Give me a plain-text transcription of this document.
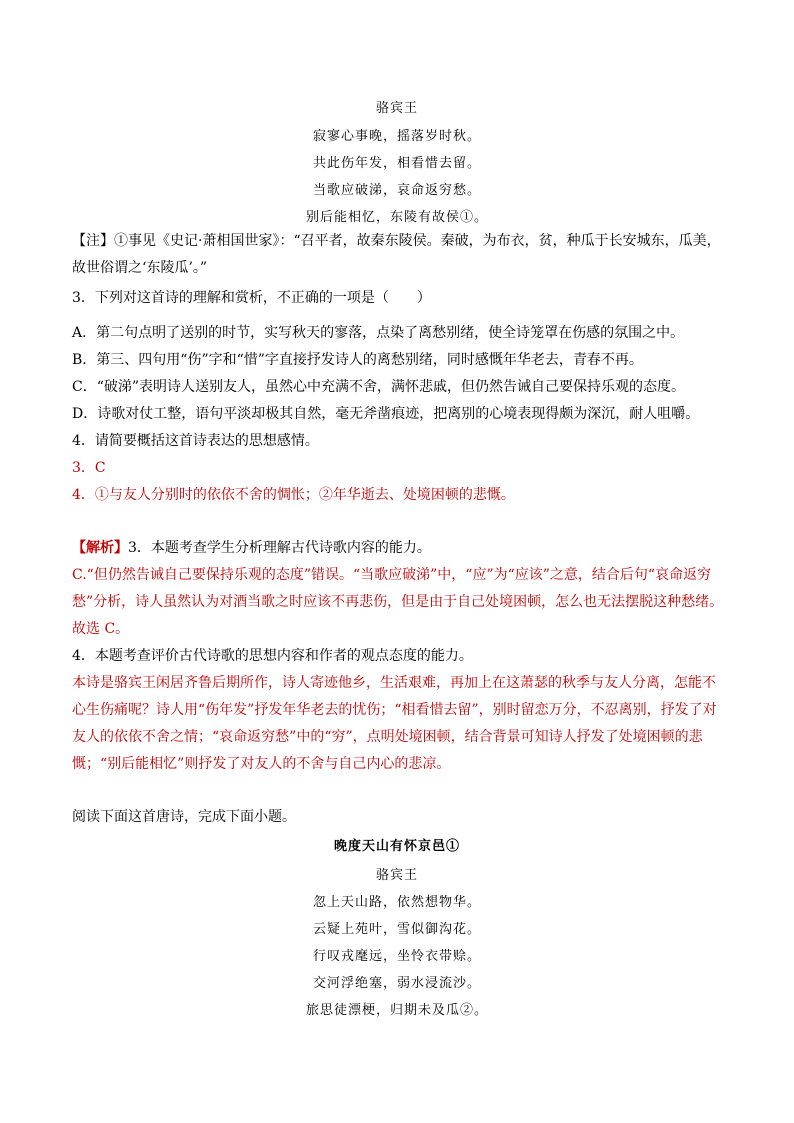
骆宾王
寂寥心事晚，摇落岁时秋。
共此伤年发，相看惜去留。
当歌应破涕，哀命返穷愁。
别后能相忆，东陵有故侯①。
【注】①事见《史记·萧相国世家》：“召平者，故秦东陵侯。秦破，为布衣，贫，种瓜于长安城东，瓜美，故世俗谓之‘东陵瓜’。”
3．下列对这首诗的理解和赏析，不正确的一项是（　　）
A．第二句点明了送别的时节，实写秋天的寥落，点染了离愁别绪，使全诗笼罩在伤感的氛围之中。
B．第三、四句用“伤”字和“惜”字直接抒发诗人的离愁别绪，同时感慨年华老去，青春不再。
C．“破涕”表明诗人送别友人，虽然心中充满不舍，满怀悲戚，但仍然告诫自己要保持乐观的态度。
D．诗歌对仗工整，语句平淡却极其自然，毫无斧凿痕迹，把离别的心境表现得颇为深沉，耐人咀嚼。
4．请简要概括这首诗表达的思想感情。
3．C
4．①与友人分别时的依依不舍的惆怅；②年华逝去、处境困顿的悲慨。
【解析】3．本题考查学生分析理解古代诗歌内容的能力。
C.“但仍然告诫自己要保持乐观的态度”错误。“当歌应破涕”中，“应”为“应该”之意，结合后句“哀命返穷愁”分析，诗人虽然认为对酒当歌之时应该不再悲伤，但是由于自己处境困顿，怎么也无法摆脱这种愁绪。
故选 C。
4．本题考查评价古代诗歌的思想内容和作者的观点态度的能力。
本诗是骆宾王闲居齐鲁后期所作，诗人寄迹他乡，生活艰难，再加上在这萧瑟的秋季与友人分离，怎能不心生伤痛呢？诗人用“伤年发”抒发年华老去的忧伤；“相看惜去留”，别时留恋万分，不忍离别，抒发了对友人的依依不舍之情；“哀命返穷愁”中的“穷”，点明处境困顿，结合背景可知诗人抒发了处境困顿的悲慨；“别后能相忆”则抒发了对友人的不舍与自己内心的悲凉。
阅读下面这首唐诗，完成下面小题。
晚度天山有怀京邑①
骆宾王
忽上天山路，依然想物华。
云疑上苑叶，雪似御沟花。
行叹戎麾远，坐怜衣带赊。
交河浮绝塞，弱水浸流沙。
旅思徒漂梗，归期未及瓜②。
